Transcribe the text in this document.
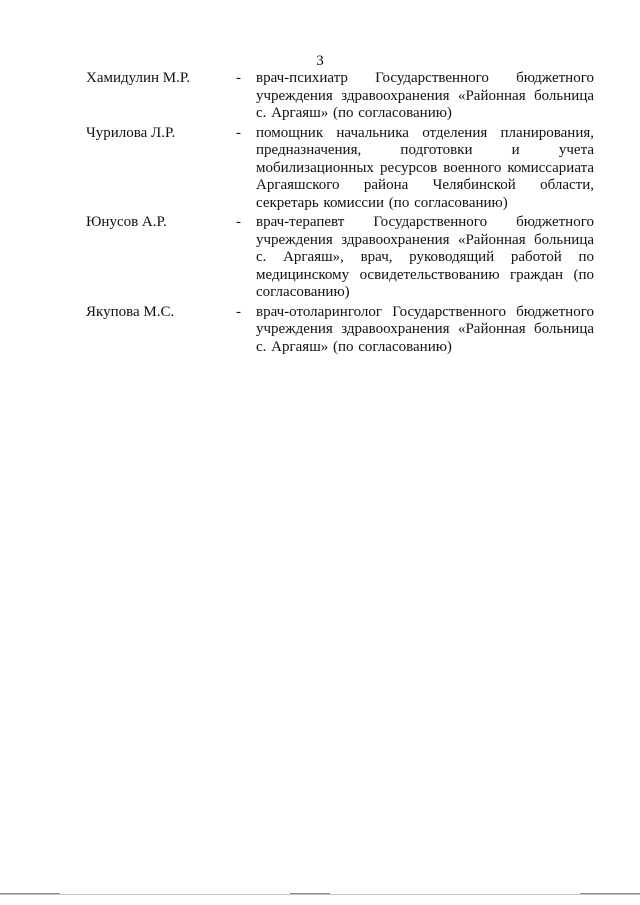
3
Хамидулин М.Р.	-	врач-психиатр Государственного бюджетного учреждения здравоохранения «Районная больница с. Аргаяш» (по согласованию)
Чурилова Л.Р.	-	помощник начальника отделения планирования, предназначения, подготовки и учета мобилизационных ресурсов военного комиссариата Аргаяшского района Челябинской области, секретарь комиссии (по согласованию)
Юнусов А.Р.	-	врач-терапевт Государственного бюджетного учреждения здравоохранения «Районная больница с. Аргаяш», врач, руководящий работой по медицинскому освидетельствованию граждан (по согласованию)
Якупова М.С.	-	врач-отоларинголог Государственного бюджетного учреждения здравоохранения «Районная больница с. Аргаяш» (по согласованию)
